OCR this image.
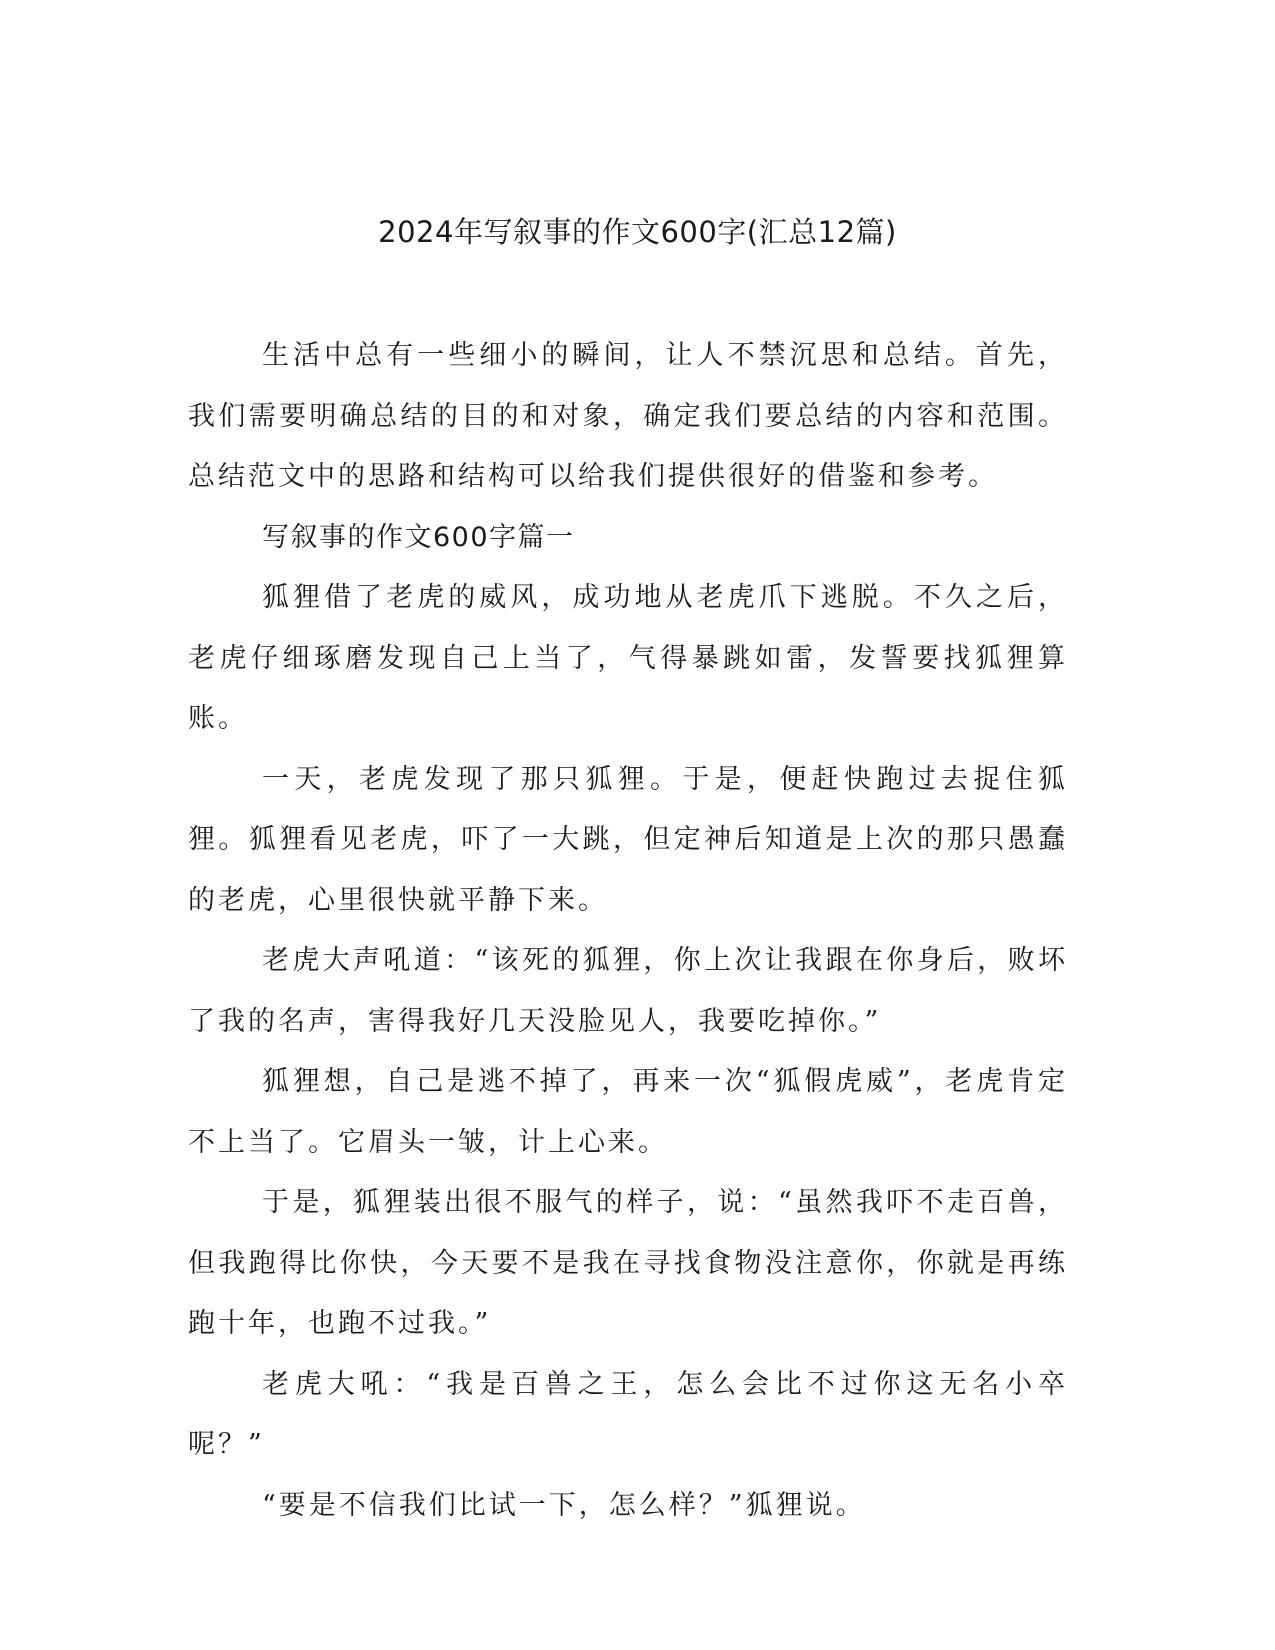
2024年写叙事的作文600字(汇总12篇)

生活中总有一些细小的瞬间，让人不禁沉思和总结。首先，我们需要明确总结的目的和对象，确定我们要总结的内容和范围。总结范文中的思路和结构可以给我们提供很好的借鉴和参考。

写叙事的作文600字篇一

狐狸借了老虎的威风，成功地从老虎爪下逃脱。不久之后，老虎仔细琢磨发现自己上当了，气得暴跳如雷，发誓要找狐狸算账。

一天，老虎发现了那只狐狸。于是，便赶快跑过去捉住狐狸。狐狸看见老虎，吓了一大跳，但定神后知道是上次的那只愚蠢的老虎，心里很快就平静下来。

老虎大声吼道：“该死的狐狸，你上次让我跟在你身后，败坏了我的名声，害得我好几天没脸见人，我要吃掉你。”

狐狸想，自己是逃不掉了，再来一次“狐假虎威”，老虎肯定不上当了。它眉头一皱，计上心来。

于是，狐狸装出很不服气的样子，说：“虽然我吓不走百兽，但我跑得比你快，今天要不是我在寻找食物没注意你，你就是再练跑十年，也跑不过我。”

老虎大吼：“我是百兽之王，怎么会比不过你这无名小卒呢？”

“要是不信我们比试一下，怎么样？”狐狸说。
